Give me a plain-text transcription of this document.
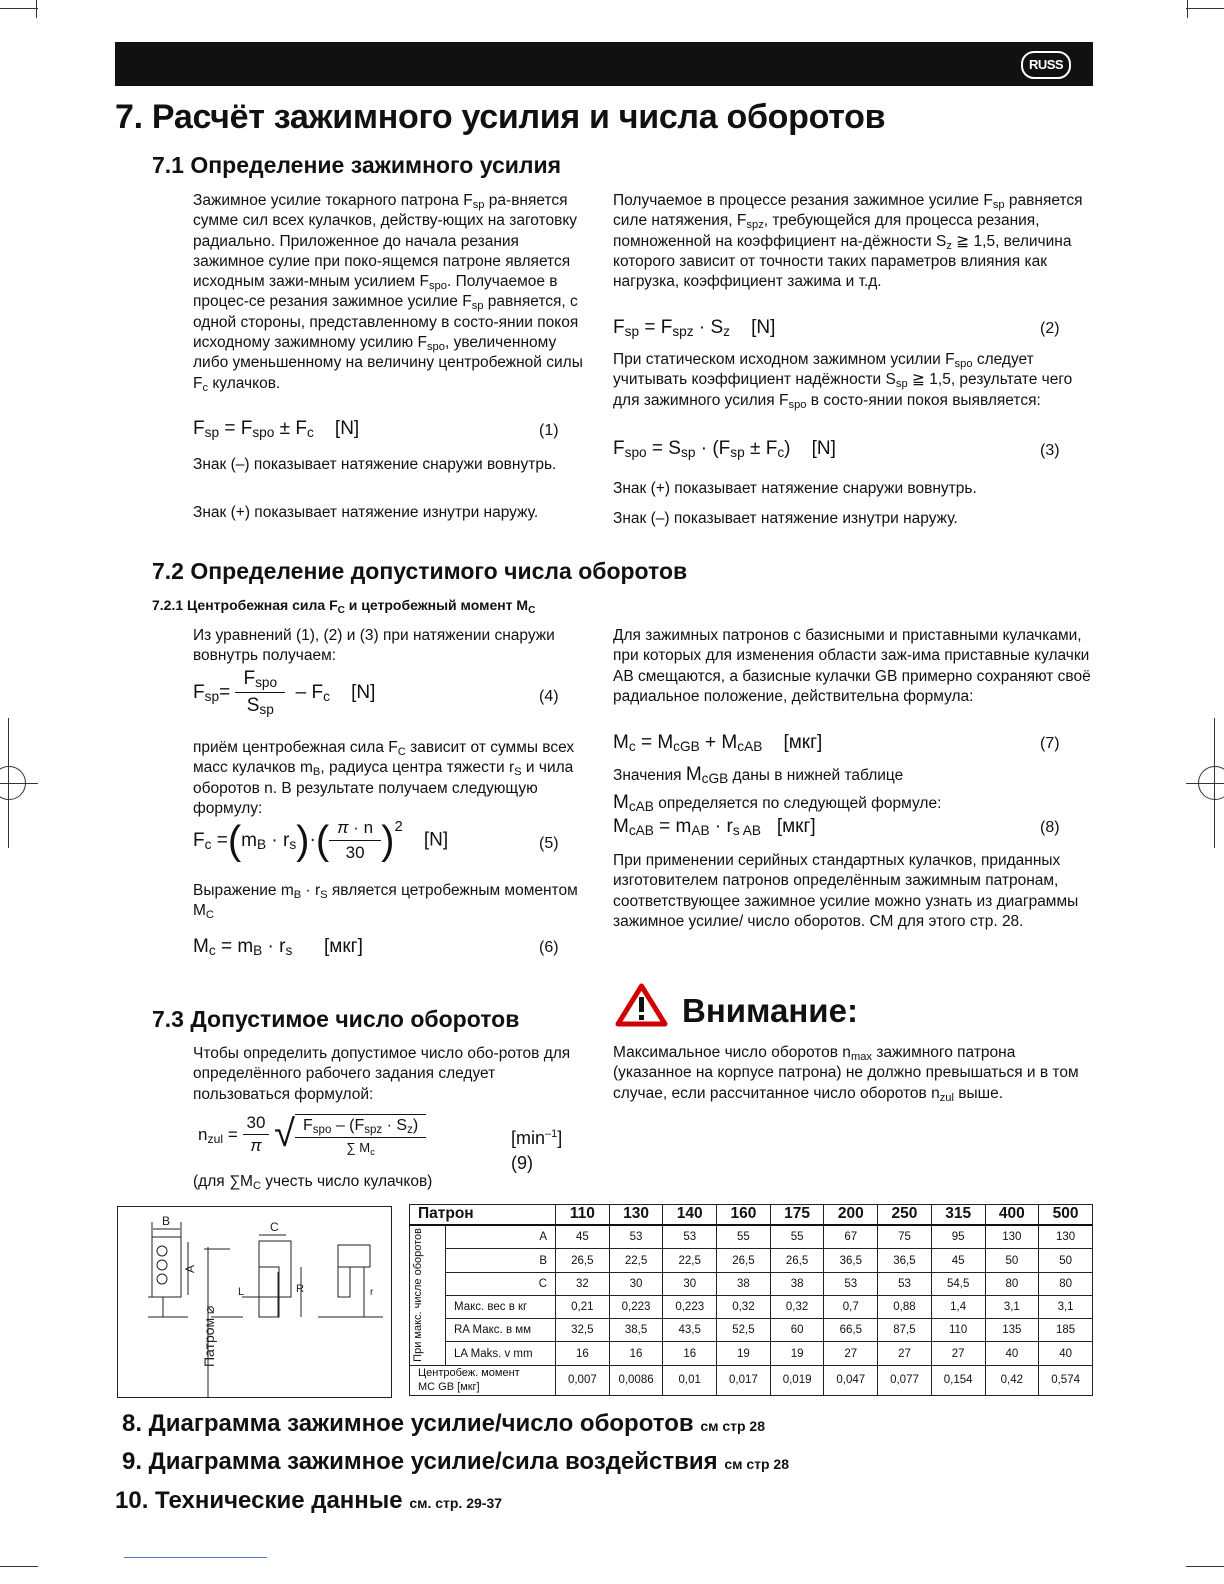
RUSS
7. Расчёт зажимного усилия и числа оборотов
7.1 Определение зажимного усилия
Зажимное усилие токарного патрона $F_{sp}$ ра-вняется сумме сил всех кулачков, действу-ющих на заготовку радиально. Приложенное до начала резания зажимное сулие при поко-ящемся патроне является исходным зажи-мным усилием $F_{spo}$. Получаемое в процес-се резания зажимное усилие $F_{sp}$ равняется, с одной стороны, представленному в состо-янии покоя исходному зажимному усилию $F_{spo}$, увеличенному либо уменьшенному на величину центробежной силы $F_c$ кулачков.
$F_{sp} = F_{spo} \pm F_c$    [N]	(1)
Знак (–) показывает натяжение снаружи вовнутрь.
Знак (+) показывает натяжение изнутри наружу.
Получаемое в процессе резания зажимное усилие $F_{sp}$ равняется силе натяжения, $F_{spz}$, требующейся для процесса резания, помноженной на коэффициент на-дёжности $S_z$ ≧ 1,5, величина которого зависит от точности таких параметров влияния как нагрузка, коэффициент зажима и т.д.
$F_{sp} = F_{spz} \cdot S_z$    [N]	(2)
При статическом исходном зажимном усилии $F_{spo}$ следует учитывать коэффициент надёжности $S_{sp}$ ≧ 1,5, результате чего для зажимного усилия $F_{spo}$ в состо-янии покоя выявляется:
$F_{spo} = S_{sp} \cdot (F_{sp} \pm F_c)$    [N]	(3)
Знак (+) показывает натяжение снаружи вовнутрь.
Знак (–) показывает натяжение изнутри наружу.
7.2 Определение допустимого числа оборотов
7.2.1 Центробежная сила $F_C$ и цетробежный момент $M_C$
Из уравнений (1), (2) и (3) при натяжении снаружи вовнутрь получаем:
$F_{sp}= \frac{F_{spo}}{S_{sp}} - F_c$    [N]	(4)
приём центробежная сила $F_C$ зависит от суммы всех масс кулачков $m_B$, радиуса центра тяжести $r_S$ и чила оборотов n. В результате получаем следующую формулу:
$F_c =(m_B \cdot r_s)\cdot( \frac{\pi \cdot n}{30} )^2$    [N]	(5)
Выражение $m_B \cdot r_S$ является цетробежным моментом $M_C$
$M_c = m_B \cdot r_s$ [мкг]	(6)
Для зажимных патронов с базисными и приставными кулачками, при которых для изменения области заж-има приставные кулачки AB смещаются, а базисные кулачки GB примерно сохраняют своё радиальное положение, действительна формула:
$M_c = M_{cGB} + M_{cAB}$ [мкг]	(7)
Значения $M_{cGB}$ даны в нижней таблице
$M_{cAB}$ определяется по следующей формуле:
$M_{cAB} = m_{AB} \cdot r_{s AB}$ [мкг]	(8)
При применении серийных стандартных кулачков, приданных изготовителем патронов определённым зажимным патронам, соответствующее зажимное усилие можно узнать из диаграммы зажимное усилие/ число оборотов. СМ для этого стр. 28.
7.3 Допустимое число оборотов
Чтобы определить допустимое число обо-ротов для определённого рабочего задания следует пользоваться формулой:
$n_{zul} = \frac{30}{\pi}$ √ $\frac{F_{spo} - (F_{spz} \cdot S_z)}{\sum M_c}$	$[\min^{-1}]$
(9)
(для $\sum M_C$ учесть число кулачков)
Внимание:
Максимальное число оборотов $n_{max}$ зажимного патрона (указанное на корпусе патрона) не должно превышаться и в том случае, если рассчитанное число оборотов $n_{zul}$ выше.
B
A
Патром ⌀
C
L	R	r
Патрон		110	130	140	160	175	200	250	315	400	500

При макс. числе оборотов	A	45	53	53	55	55	67	75	95	130	130
	B	26,5	22,5	22,5	26,5	26,5	36,5	36,5	45	50	50
	C	32	30	30	38	38	53	53	54,5	80	80
	Макс. вес в кг	0,21	0,223	0,223	0,32	0,32	0,7	0,88	1,4	3,1	3,1
	RA Макс. в мм	32,5	38,5	43,5	52,5	60	66,5	87,5	110	135	185
	LA Maks. v mm	16	16	16	19	19	27	27	27	40	40

Центробеж. момент
MC GB [мкг]		0,007	0,0086	0,01	0,017	0,019	0,047	0,077	0,154	0,42	0,574
8. Диаграмма зажимное усилие/число оборотов см стр 28
9. Диаграмма зажимное усилие/сила воздействия см стр 28
10. Технические данные см. стр. 29-37
